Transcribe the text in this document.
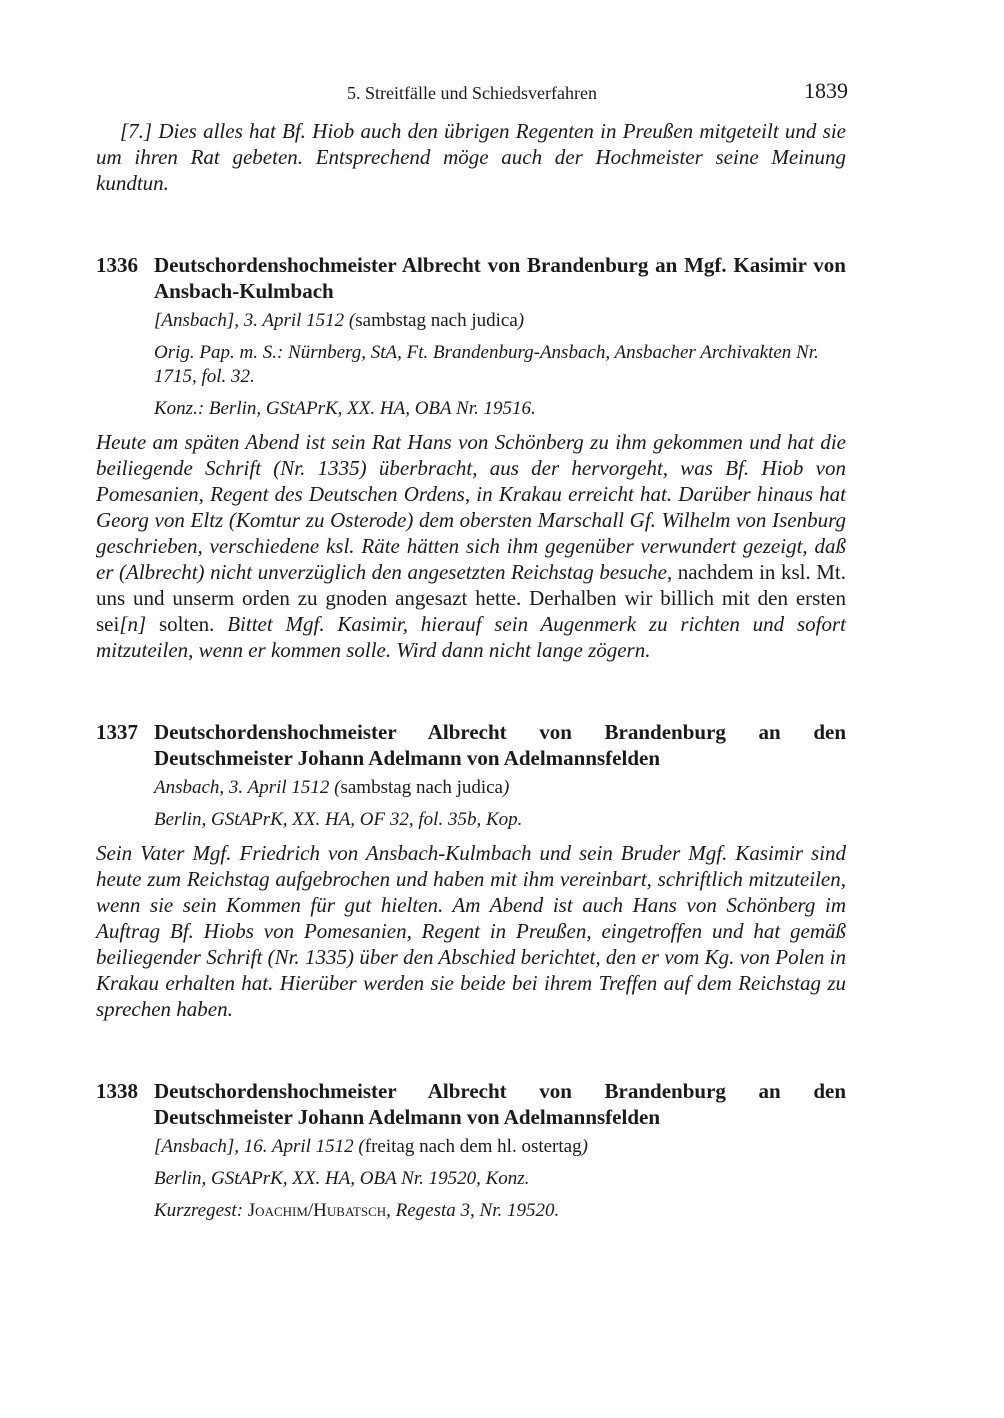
5. Streitfälle und Schiedsverfahren	1839

[7.] Dies alles hat Bf. Hiob auch den übrigen Regenten in Preußen mitgeteilt und sie um ihren Rat gebeten. Entsprechend möge auch der Hochmeister seine Meinung kundtun.

1336 Deutschordenshochmeister Albrecht von Brandenburg an Mgf. Kasimir von Ansbach-Kulmbach
[Ansbach], 3. April 1512 (sambstag nach judica)
Orig. Pap. m. S.: Nürnberg, StA, Ft. Brandenburg-Ansbach, Ansbacher Archivakten Nr. 1715, fol. 32.
Konz.: Berlin, GStAPrK, XX. HA, OBA Nr. 19516.

Heute am späten Abend ist sein Rat Hans von Schönberg zu ihm gekommen und hat die beiliegende Schrift (Nr. 1335) überbracht, aus der hervorgeht, was Bf. Hiob von Pomesanien, Regent des Deutschen Ordens, in Krakau erreicht hat. Darüber hinaus hat Georg von Eltz (Komtur zu Osterode) dem obersten Marschall Gf. Wilhelm von Isenburg geschrieben, verschiedene ksl. Räte hätten sich ihm gegenüber verwundert gezeigt, daß er (Albrecht) nicht unverzüglich den angesetzten Reichstag besuche, nachdem in ksl. Mt. uns und unserm orden zu gnoden angesazt hette. Derhalben wir billich mit den ersten sei[n] solten. Bittet Mgf. Kasimir, hierauf sein Augenmerk zu richten und sofort mitzuteilen, wenn er kommen solle. Wird dann nicht lange zögern.

1337 Deutschordenshochmeister Albrecht von Brandenburg an den Deutschmeister Johann Adelmann von Adelmannsfelden
Ansbach, 3. April 1512 (sambstag nach judica)
Berlin, GStAPrK, XX. HA, OF 32, fol. 35b, Kop.

Sein Vater Mgf. Friedrich von Ansbach-Kulmbach und sein Bruder Mgf. Kasimir sind heute zum Reichstag aufgebrochen und haben mit ihm vereinbart, schriftlich mitzuteilen, wenn sie sein Kommen für gut hielten. Am Abend ist auch Hans von Schönberg im Auftrag Bf. Hiobs von Pomesanien, Regent in Preußen, eingetroffen und hat gemäß beiliegender Schrift (Nr. 1335) über den Abschied berichtet, den er vom Kg. von Polen in Krakau erhalten hat. Hierüber werden sie beide bei ihrem Treffen auf dem Reichstag zu sprechen haben.

1338 Deutschordenshochmeister Albrecht von Brandenburg an den Deutschmeister Johann Adelmann von Adelmannsfelden
[Ansbach], 16. April 1512 (freitag nach dem hl. ostertag)
Berlin, GStAPrK, XX. HA, OBA Nr. 19520, Konz.
Kurzregest: Joachim/Hubatsch, Regesta 3, Nr. 19520.
